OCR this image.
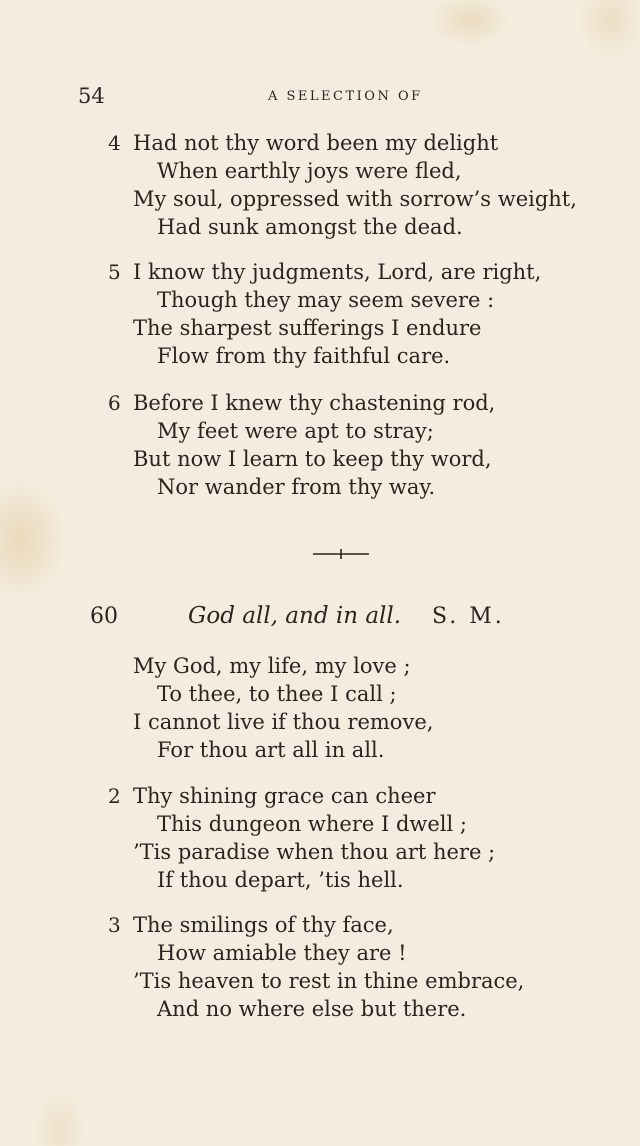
54	A SELECTION OF
4 Had not thy word been my delight
When earthly joys were fled,
My soul, oppressed with sorrow’s weight,
Had sunk amongst the dead.
5 I know thy judgments, Lord, are right,
Though they may seem severe :
The sharpest sufferings I endure
Flow from thy faithful care.
6 Before I knew thy chastening rod,
My feet were apt to stray;
But now I learn to keep thy word,
Nor wander from thy way.
60	God all, and in all. S. M.
My God, my life, my love ;
To thee, to thee I call ;
I cannot live if thou remove,
For thou art all in all.
2 Thy shining grace can cheer
This dungeon where I dwell ;
’Tis paradise when thou art here ;
If thou depart, ’tis hell.
3 The smilings of thy face,
How amiable they are !
’Tis heaven to rest in thine embrace,
And no where else but there.
